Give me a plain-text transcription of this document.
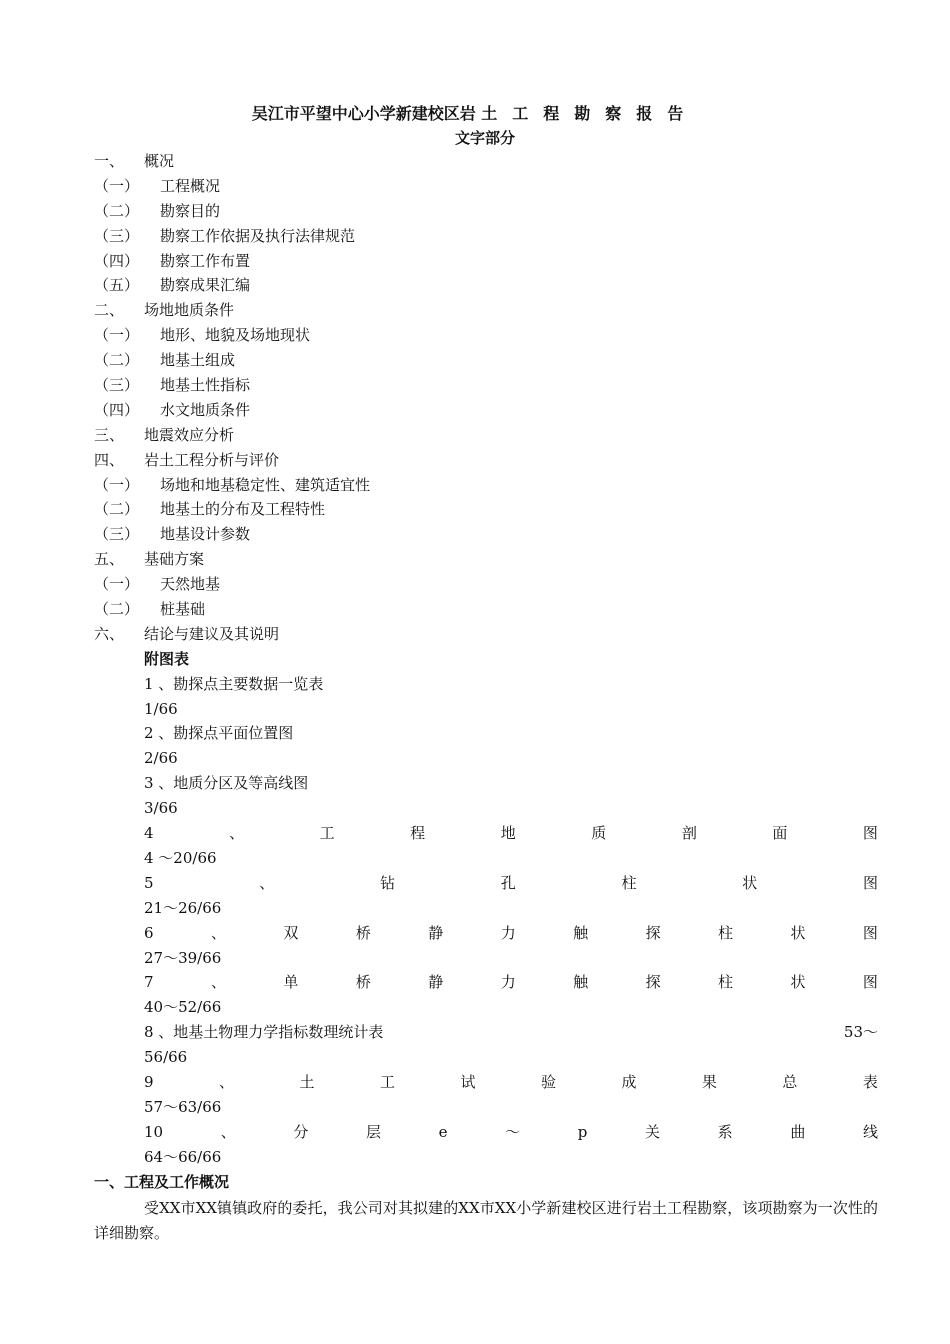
吴江市平望中心小学新建校区岩 土工程勘察报告
文字部分
一、 概况
（一） 工程概况
（二） 勘察目的
（三） 勘察工作依据及执行法律规范
（四） 勘察工作布置
（五） 勘察成果汇编
二、 场地地质条件
（一） 地形、地貌及场地现状
（二） 地基土组成
（三） 地基土性指标
（四） 水文地质条件
三、 地震效应分析
四、 岩土工程分析与评价
（一） 场地和地基稳定性、建筑适宜性
（二） 地基土的分布及工程特性
（三） 地基设计参数
五、 基础方案
（一） 天然地基
（二） 桩基础
六、 结论与建议及其说明
附图表
1 、勘探点主要数据一览表
1/66
2 、勘探点平面位置图
2/66
3 、地质分区及等高线图
3/66
4	、	工	程	地	质	剖	面	图
4 ～20/66
5	、	钻	孔	柱	状	图
21～26/66
6	、	双	桥	静	力	触	探	柱	状	图
27～39/66
7	、	单	桥	静	力	触	探	柱	状	图
40～52/66
8 、地基土物理力学指标数理统计表	53～
56/66
9	、	土	工	试	验	成	果	总	表
57～63/66
10	、	分	层	e	～	p	关	系	曲	线
64～66/66
一、工程及工作概况
受XX市XX镇镇政府的委托，我公司对其拟建的XX市XX小学新建校区进行岩土工程勘察，该项勘察为一次性的详细勘察。
